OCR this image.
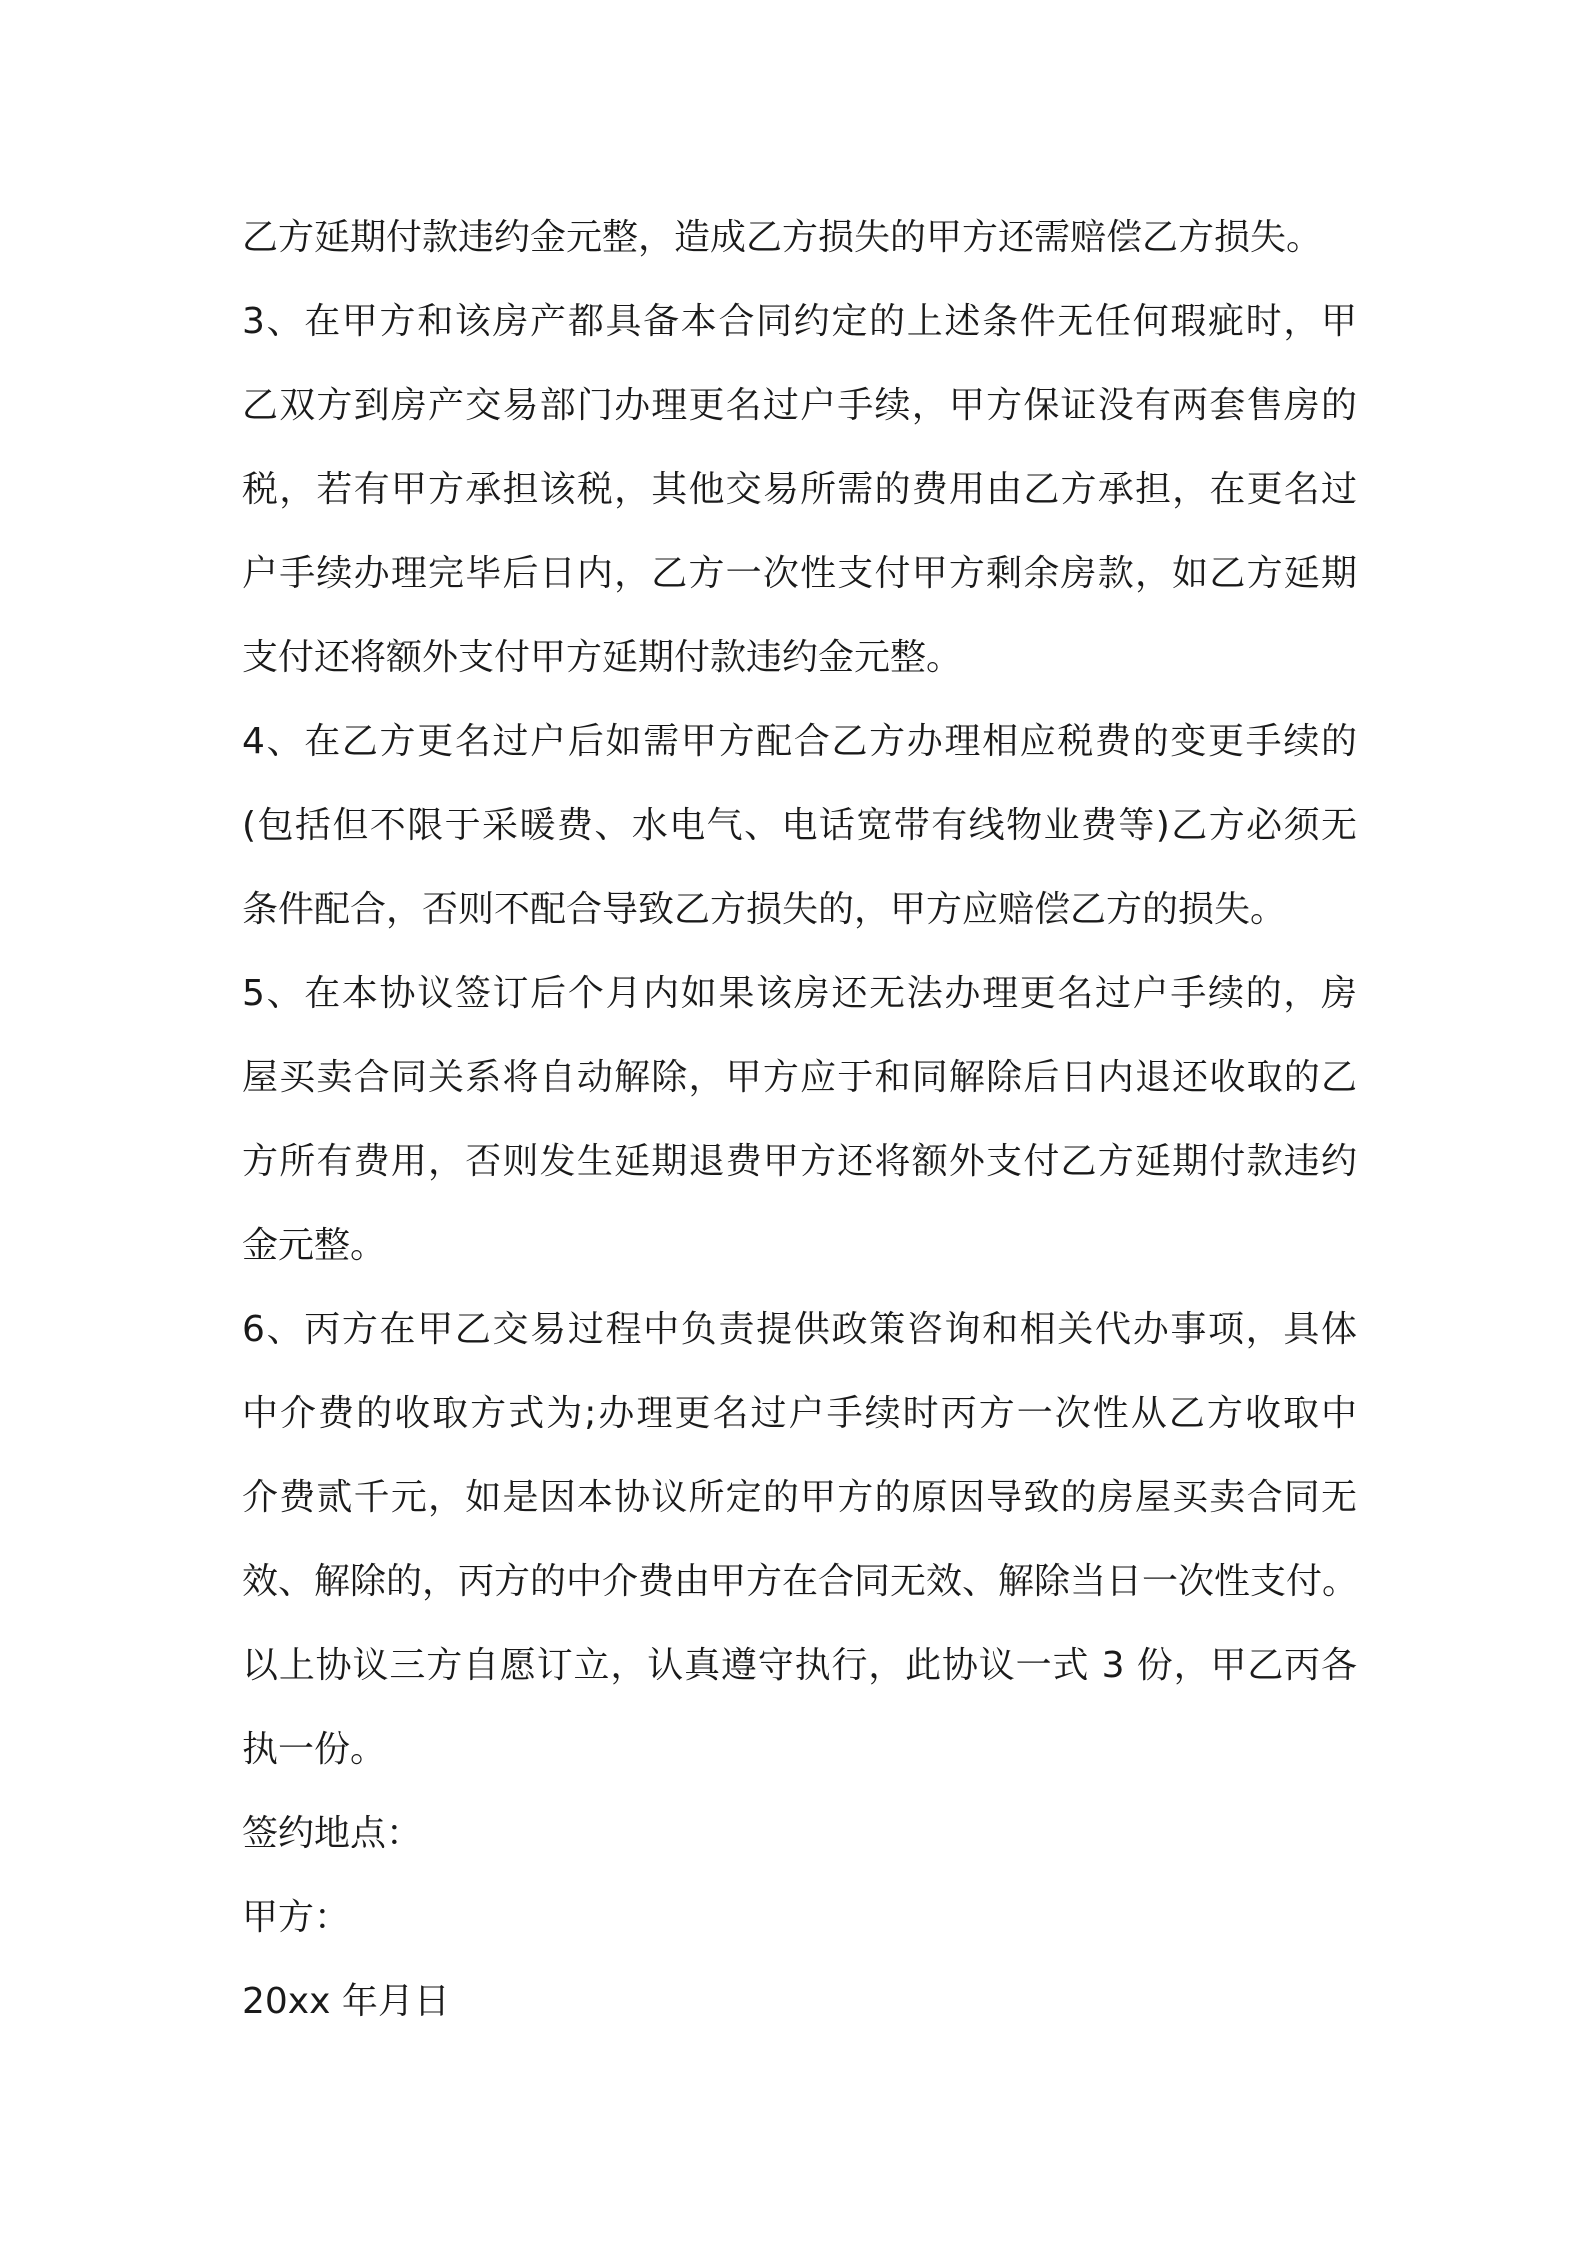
乙方延期付款违约金元整，造成乙方损失的甲方还需赔偿乙方损失。
3、在甲方和该房产都具备本合同约定的上述条件无任何瑕疵时，甲
乙双方到房产交易部门办理更名过户手续，甲方保证没有两套售房的
税，若有甲方承担该税，其他交易所需的费用由乙方承担，在更名过
户手续办理完毕后日内，乙方一次性支付甲方剩余房款，如乙方延期
支付还将额外支付甲方延期付款违约金元整。
4、在乙方更名过户后如需甲方配合乙方办理相应税费的变更手续的
(包括但不限于采暖费、水电气、电话宽带有线物业费等)乙方必须无
条件配合，否则不配合导致乙方损失的，甲方应赔偿乙方的损失。
5、在本协议签订后个月内如果该房还无法办理更名过户手续的，房
屋买卖合同关系将自动解除，甲方应于和同解除后日内退还收取的乙
方所有费用，否则发生延期退费甲方还将额外支付乙方延期付款违约
金元整。
6、丙方在甲乙交易过程中负责提供政策咨询和相关代办事项，具体
中介费的收取方式为;办理更名过户手续时丙方一次性从乙方收取中
介费贰千元，如是因本协议所定的甲方的原因导致的房屋买卖合同无
效、解除的，丙方的中介费由甲方在合同无效、解除当日一次性支付。
以上协议三方自愿订立，认真遵守执行，此协议一式 3 份，甲乙丙各
执一份。
签约地点：
甲方：
20xx 年月日
